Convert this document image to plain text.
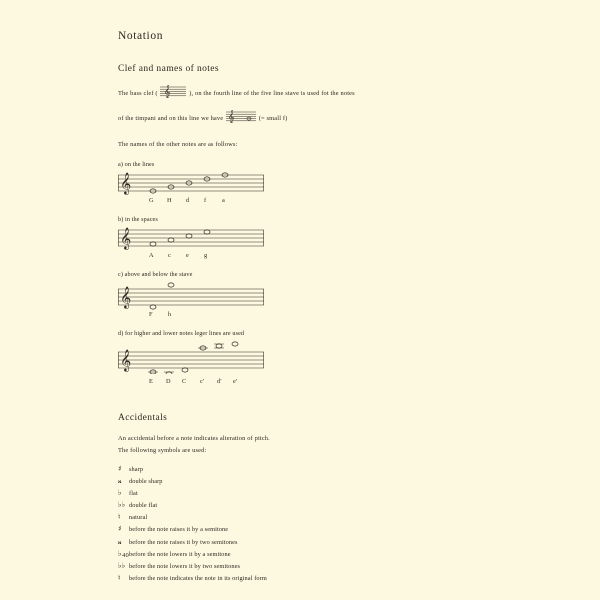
Notation
Clef and names of notes

The bass clef ( 𝄞	), on the fourth line of the five line stave is used fot the notes

of the timpani and on this line we have 𝄞	(= small f)

The names of the other notes are as follows:

a) on the lines

𝄞
G H d f a

b) in the spaces

𝄞
A c e g

c) above and below the stave

𝄞
F h

d) for higher and lower notes leger lines are used

𝄞
E D C c' d' e'
Accidentals

An accidental before a note indicates alteration of pitch.
The following symbols are used:

♯ sharp
𝄪 double sharp
♭ flat
♭♭ double flat
♮ natural
♯ before the note raises it by a semitone
𝄪 before the note raises it by two semitones
♭ before the note lowers it by a semitone
♭♭ before the note lowers it by two semitones
♮ before the note indicates the note in its original form
40
